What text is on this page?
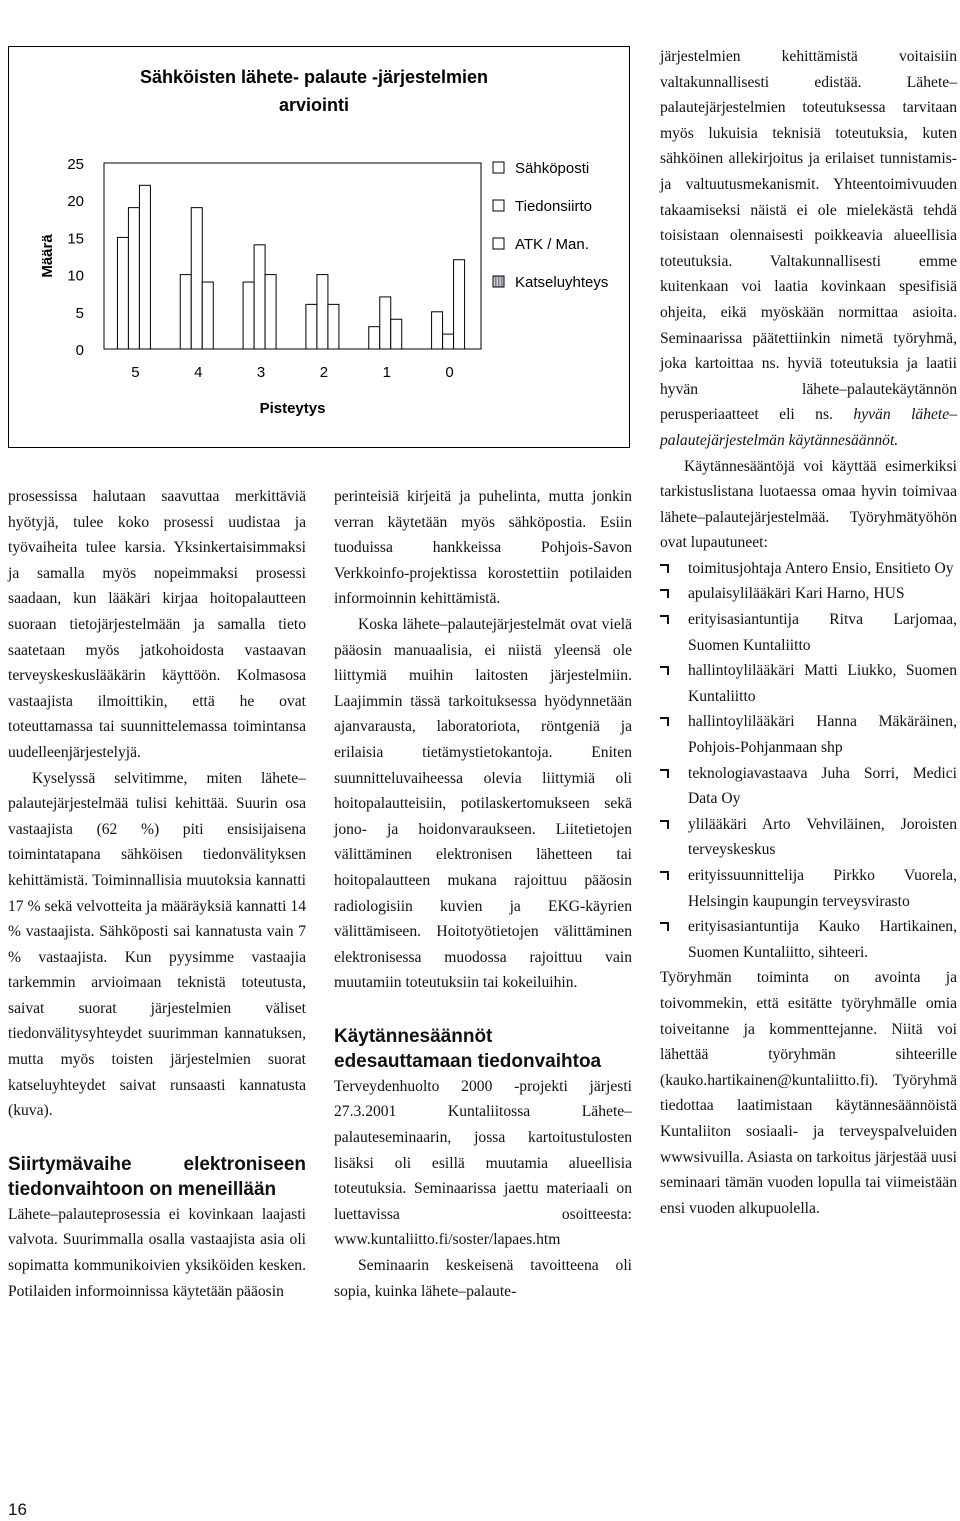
Sähköisten lähete- palaute -järjestelmien
arviointi
25
20
15
10
5
0
Määrä
5	4	3	2	1	0
Pisteytys
Sähköposti
Tiedonsiirto
ATK / Man.
Katseluyhteys

prosessissa halutaan saavuttaa merkittäviä hyötyjä, tulee koko prosessi uudistaa ja työvaiheita tulee karsia. Yksinkertaisimmaksi ja samalla myös nopeimmaksi prosessi saadaan, kun lääkäri kirjaa hoitopalautteen suoraan tietojärjestelmään ja samalla tieto saatetaan myös jatkohoidosta vastaavan terveyskeskuslääkärin käyttöön. Kolmasosa vastaajista ilmoittikin, että he ovat toteuttamassa tai suunnittelemassa toimintansa uudelleenjärjestelyjä.

Kyselyssä selvitimme, miten lähete–palautejärjestelmää tulisi kehittää. Suurin osa vastaajista (62 %) piti ensisijaisena toimintatapana sähköisen tiedonvälityksen kehittämistä. Toiminnallisia muutoksia kannatti 17 % sekä velvotteita ja määräyksiä kannatti 14 % vastaajista. Sähköposti sai kannatusta vain 7 % vastaajista. Kun pyysimme vastaajia tarkemmin arvioimaan teknistä toteutusta, saivat suorat järjestelmien väliset tiedonvälitysyhteydet suurimman kannatuksen, mutta myös toisten järjestelmien suorat katseluyhteydet saivat runsaasti kannatusta (kuva).

Siirtymävaihe elektroniseen tiedonvaihtoon on meneillään

Lähete–palauteprosessia ei kovinkaan laajasti valvota. Suurimmalla osalla vastaajista asia oli sopimatta kommunikoivien yksiköiden kesken. Potilaiden informoinnissa käytetään pääosin

perinteisiä kirjeitä ja puhelinta, mutta jonkin verran käytetään myös sähköpostia. Esiin tuoduissa hankkeissa Pohjois-Savon Verkkoinfo-projektissa korostettiin potilaiden informoinnin kehittämistä.

Koska lähete–palautejärjestelmät ovat vielä pääosin manuaalisia, ei niistä yleensä ole liittymiä muihin laitosten järjestelmiin. Laajimmin tässä tarkoituksessa hyödynnetään ajanvarausta, laboratoriota, röntgeniä ja erilaisia tietämystietokantoja. Eniten suunnitteluvaiheessa olevia liittymiä oli hoitopalautteisiin, potilaskertomukseen sekä jono- ja hoidonvaraukseen. Liitetietojen välittäminen elektronisen lähetteen tai hoitopalautteen mukana rajoittuu pääosin radiologisiin kuvien ja EKG-käyrien välittämiseen. Hoitotyötietojen välittäminen elektronisessa muodossa rajoittuu vain muutamiin toteutuksiin tai kokeiluihin.

Käytännesäännöt edesauttamaan tiedonvaihtoa

Terveydenhuolto 2000 -projekti järjesti 27.3.2001 Kuntaliitossa Lähete–palauteseminaarin, jossa kartoitustulosten lisäksi oli esillä muutamia alueellisia toteutuksia. Seminaarissa jaettu materiaali on luettavissa osoitteesta: www.kuntaliitto.fi/soster/lapaes.htm

Seminaarin keskeisenä tavoitteena oli sopia, kuinka lähete–palaute-

järjestelmien kehittämistä voitaisiin valtakunnallisesti edistää. Lähete–palautejärjestelmien toteutuksessa tarvitaan myös lukuisia teknisiä toteutuksia, kuten sähköinen allekirjoitus ja erilaiset tunnistamis- ja valtuutusmekanismit. Yhteentoimivuuden takaamiseksi näistä ei ole mielekästä tehdä toisistaan olennaisesti poikkeavia alueellisia toteutuksia. Valtakunnallisesti emme kuitenkaan voi laatia kovinkaan spesifisiä ohjeita, eikä myöskään normittaa asioita. Seminaarissa päätettiinkin nimetä työryhmä, joka kartoittaa ns. hyviä toteutuksia ja laatii hyvän lähete–palautekäytännön perusperiaatteet eli ns. hyvän lähete–palautejärjestelmän käytännesäännöt.

Käytännesääntöjä voi käyttää esimerkiksi tarkistuslistana luotaessa omaa hyvin toimivaa lähete–palautejärjestelmää. Työryhmätyöhön ovat lupautuneet:

toimitusjohtaja Antero Ensio, Ensitieto Oy
apulaisylilääkäri Kari Harno, HUS
erityisasiantuntija Ritva Larjomaa, Suomen Kuntaliitto
hallintoylilääkäri Matti Liukko, Suomen Kuntaliitto
hallintoylilääkäri Hanna Mäkäräinen, Pohjois-Pohjanmaan shp
teknologiavastaava Juha Sorri, Medici Data Oy
ylilääkäri Arto Vehviläinen, Joroisten terveyskeskus
erityissuunnittelija Pirkko Vuorela, Helsingin kaupungin terveysvirasto
erityisasiantuntija Kauko Hartikainen, Suomen Kuntaliitto, sihteeri.

Työryhmän toiminta on avointa ja toivommekin, että esitätte työryhmälle omia toiveitanne ja kommenttejanne. Niitä voi lähettää työryhmän sihteerille (kauko.hartikainen@kuntaliitto.fi). Työryhmä tiedottaa laatimistaan käytännesäännöistä Kuntaliiton sosiaali- ja terveyspalveluiden wwwsivuilla. Asiasta on tarkoitus järjestää uusi seminaari tämän vuoden lopulla tai viimeistään ensi vuoden alkupuolella.

16
